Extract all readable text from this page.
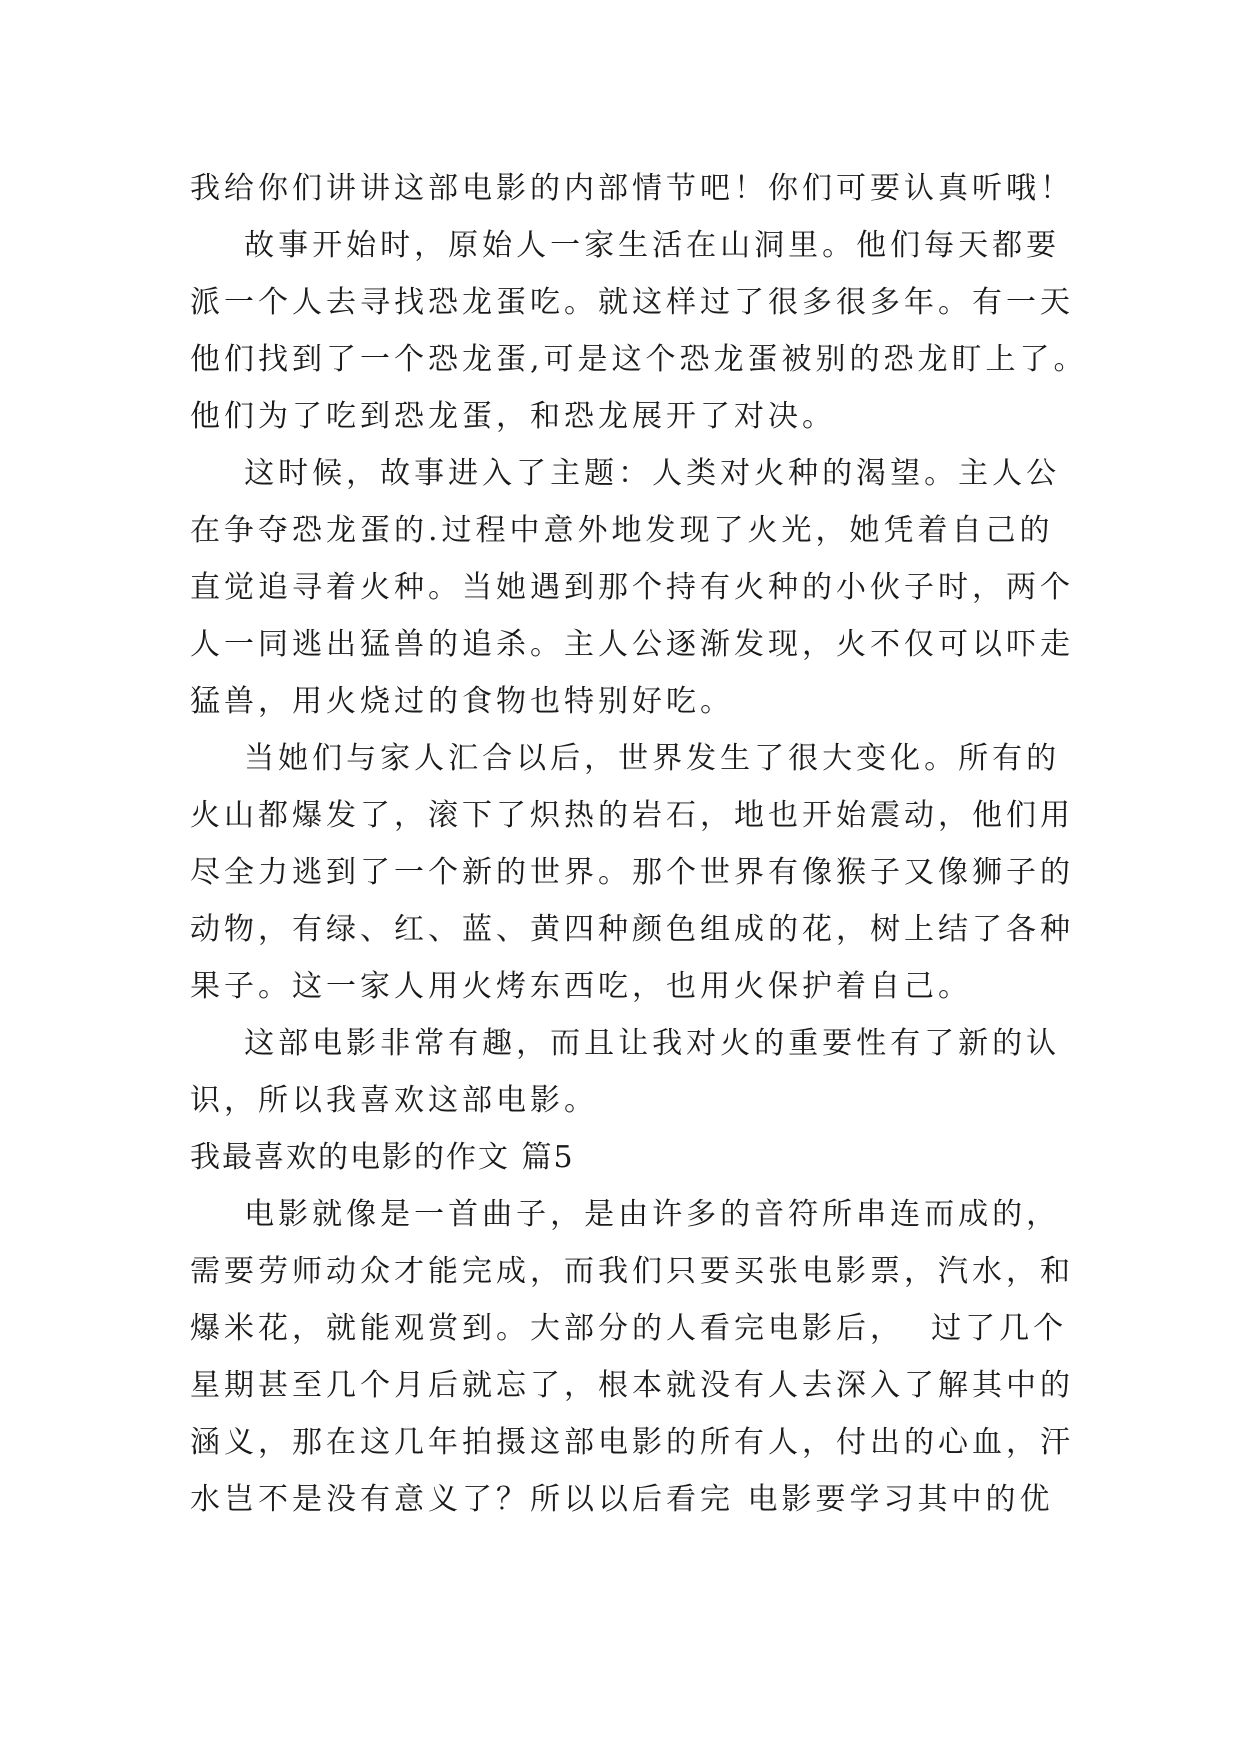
我给你们讲讲这部电影的内部情节吧！你们可要认真听哦！
故事开始时，原始人一家生活在山洞里。他们每天都要
派一个人去寻找恐龙蛋吃。就这样过了很多很多年。有一天
他们找到了一个恐龙蛋,可是这个恐龙蛋被别的恐龙盯上了。
他们为了吃到恐龙蛋，和恐龙展开了对决。
这时候，故事进入了主题：人类对火种的渴望。主人公
在争夺恐龙蛋的.过程中意外地发现了火光，她凭着自己的
直觉追寻着火种。当她遇到那个持有火种的小伙子时，两个
人一同逃出猛兽的追杀。主人公逐渐发现，火不仅可以吓走
猛兽，用火烧过的食物也特别好吃。
当她们与家人汇合以后，世界发生了很大变化。所有的
火山都爆发了，滚下了炽热的岩石，地也开始震动，他们用
尽全力逃到了一个新的世界。那个世界有像猴子又像狮子的
动物，有绿、红、蓝、黄四种颜色组成的花，树上结了各种
果子。这一家人用火烤东西吃，也用火保护着自己。
这部电影非常有趣，而且让我对火的重要性有了新的认
识，所以我喜欢这部电影。
我最喜欢的电影的作文 篇5
电影就像是一首曲子，是由许多的音符所串连而成的，
需要劳师动众才能完成，而我们只要买张电影票，汽水，和
爆米花，就能观赏到。大部分的人看完电影后，  过了几个
星期甚至几个月后就忘了，根本就没有人去深入了解其中的
涵义，那在这几年拍摄这部电影的所有人，付出的心血，汗
水岂不是没有意义了？所以以后看完 电影要学习其中的优
